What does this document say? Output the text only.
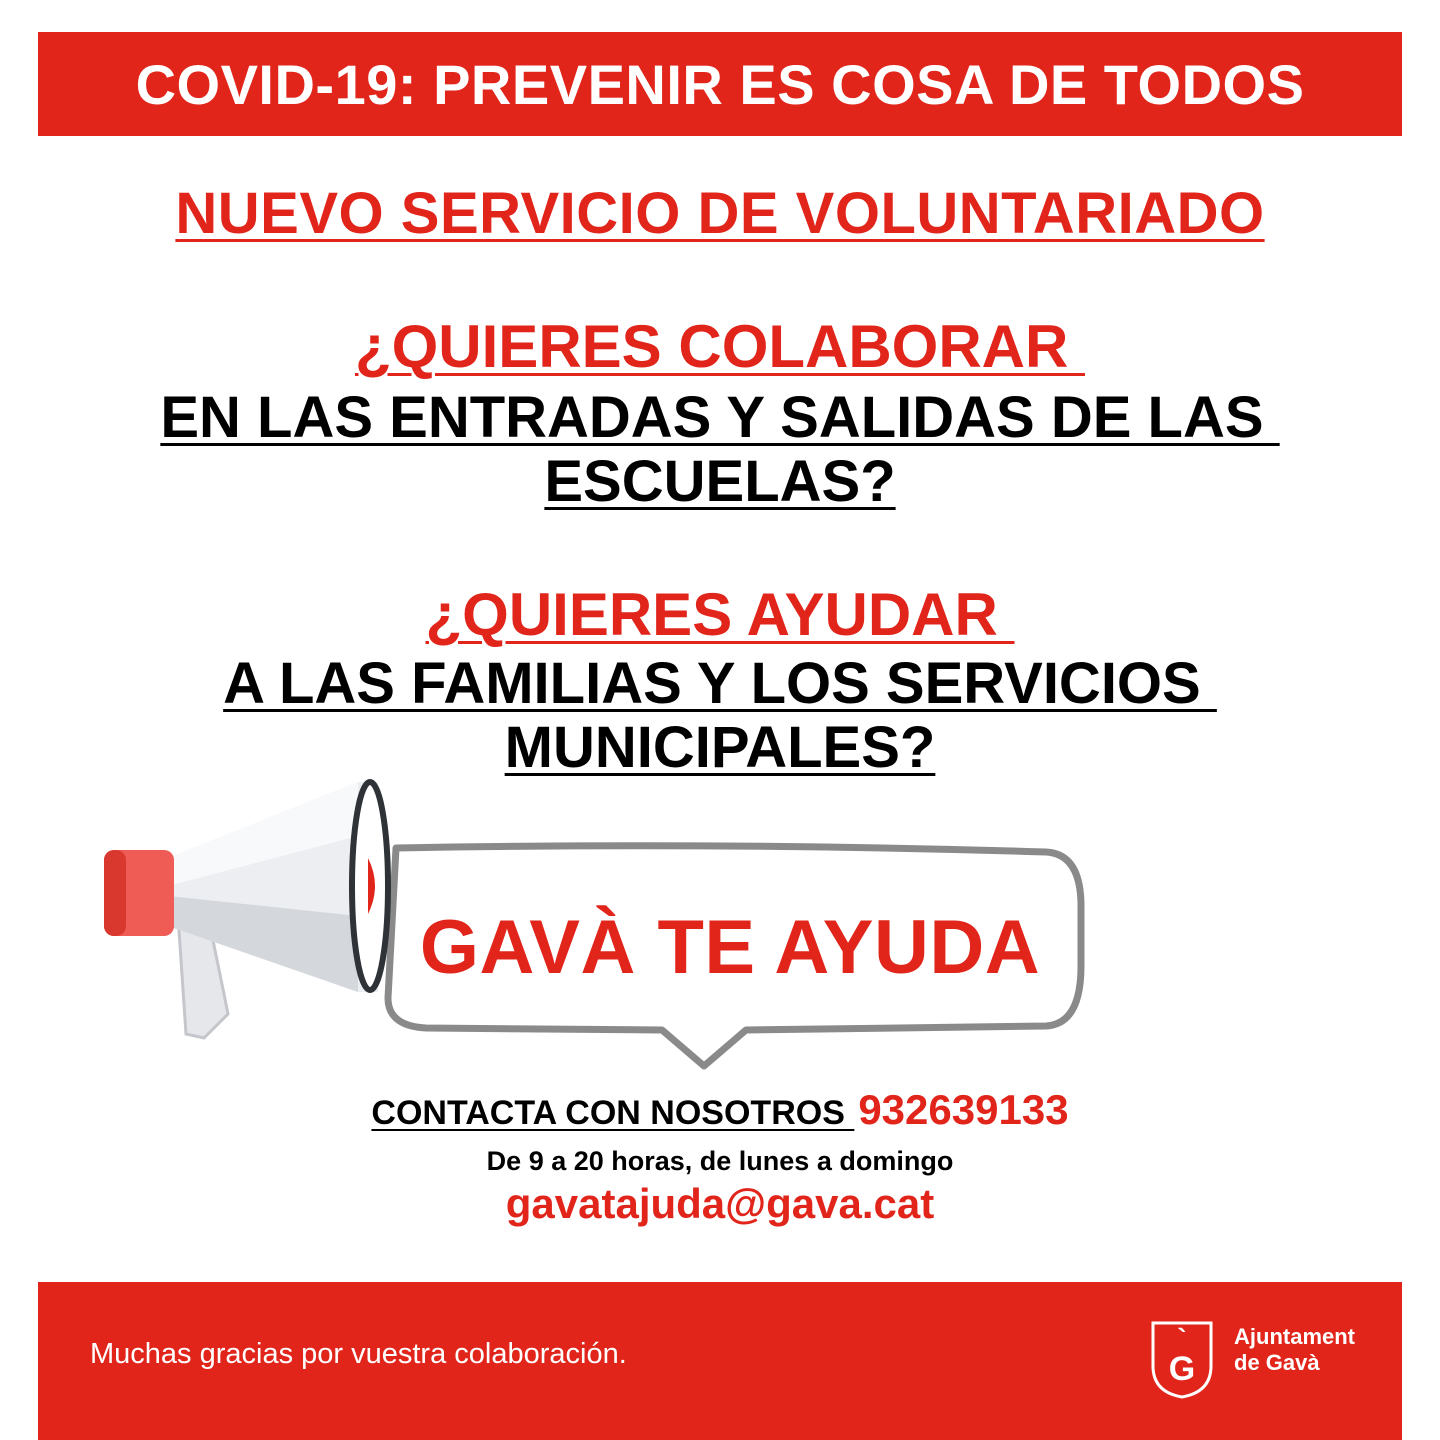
COVID-19: PREVENIR ES COSA DE TODOS
NUEVO SERVICIO DE VOLUNTARIADO
¿QUIERES COLABORAR
EN LAS ENTRADAS Y SALIDAS DE LAS
ESCUELAS?
¿QUIERES AYUDAR
A LAS FAMILIAS Y LOS SERVICIOS
MUNICIPALES?
GAVÀ TE AYUDA
CONTACTA CON NOSOTROS 932639133
De 9 a 20 horas, de lunes a domingo
gavatajuda@gava.cat
Muchas gracias por vuestra colaboración.	G
` Ajuntament
de Gavà
